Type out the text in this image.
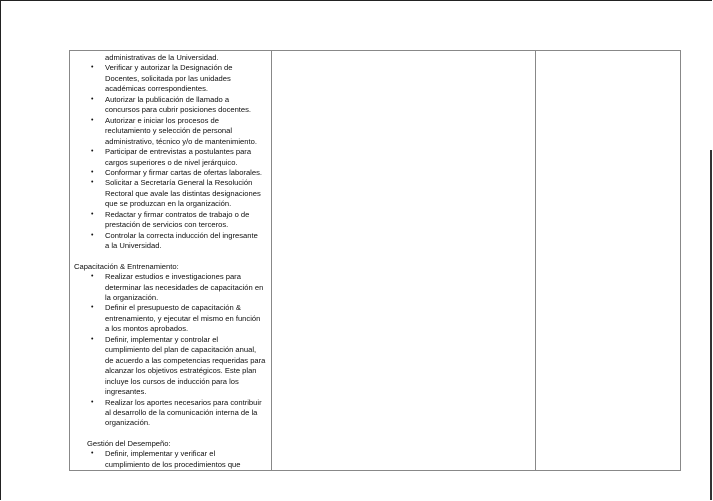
administrativas de la Universidad.
• Verificar y autorizar la Designación de
Docentes, solicitada por las unidades
académicas correspondientes.
• Autorizar la publicación de llamado a
concursos para cubrir posiciones docentes.
• Autorizar e iniciar los procesos de
reclutamiento y selección de personal
administrativo, técnico y/o de mantenimiento.
• Participar de entrevistas a postulantes para
cargos superiores o de nivel jerárquico.
• Conformar y firmar cartas de ofertas laborales.
• Solicitar a Secretaría General la Resolución
Rectoral que avale las distintas designaciones
que se produzcan en la organización.
• Redactar y firmar contratos de trabajo o de
prestación de servicios con terceros.
• Controlar la correcta inducción del ingresante
a la Universidad.
Capacitación & Entrenamiento:
• Realizar estudios e investigaciones para
determinar las necesidades de capacitación en
la organización.
• Definir el presupuesto de capacitación &
entrenamiento, y ejecutar el mismo en función
a los montos aprobados.
• Definir, implementar y controlar el
cumplimiento del plan de capacitación anual,
de acuerdo a las competencias requeridas para
alcanzar los objetivos estratégicos. Este plan
incluye los cursos de inducción para los
ingresantes.
• Realizar los aportes necesarios para contribuir
al desarrollo de la comunicación interna de la
organización.
Gestión del Desempeño:
• Definir, implementar y verificar el
cumplimiento de los procedimientos que
